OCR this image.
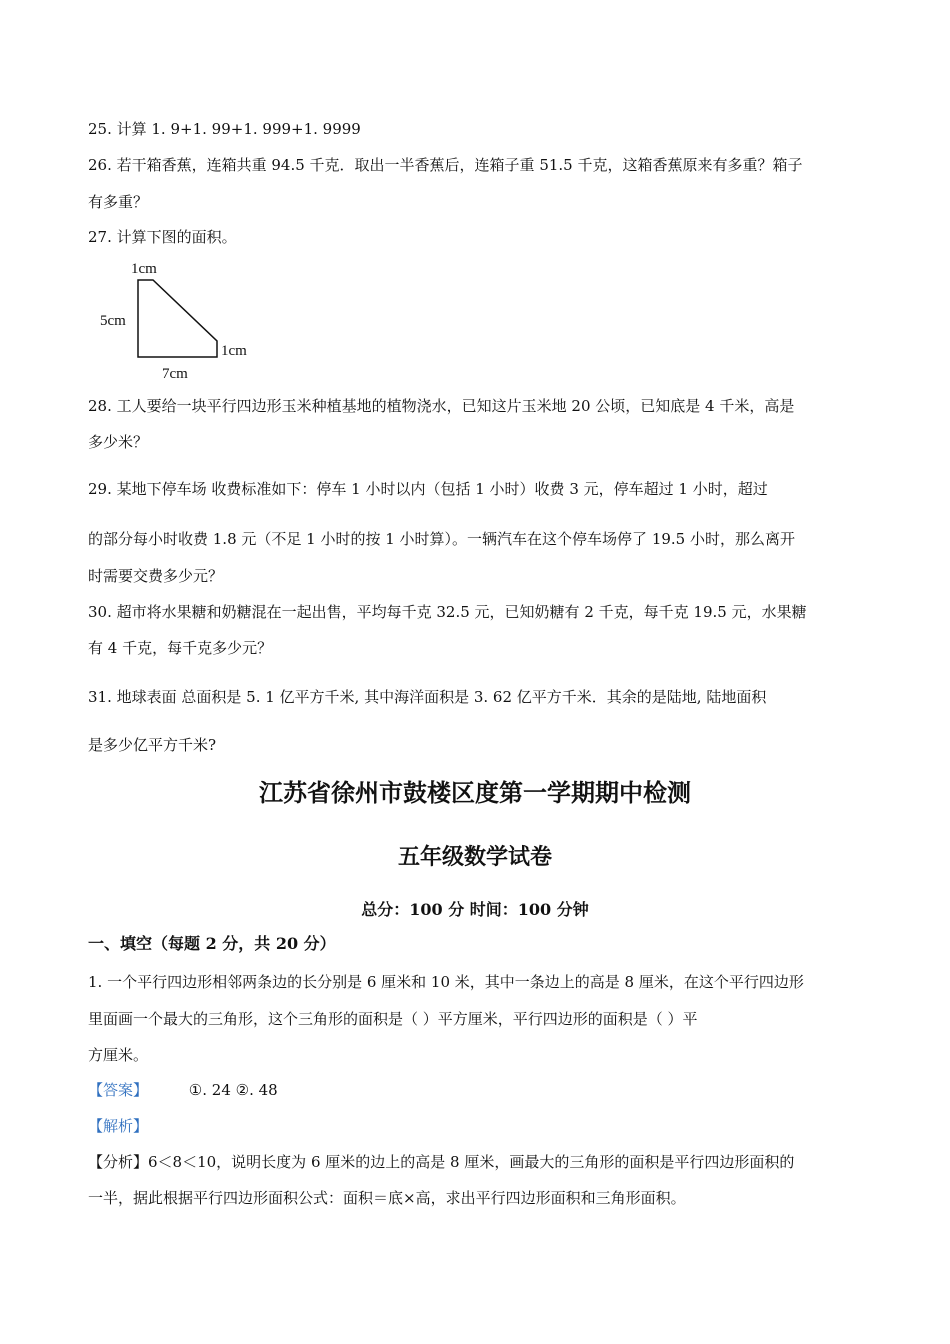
25. 计算 1. 9+1. 99+1. 999+1. 9999
26. 若干箱香蕉，连箱共重 94.5 千克．取出一半香蕉后，连箱子重 51.5 千克，这箱香蕉原来有多重？箱子
有多重？
27. 计算下图的面积。
1cm
5cm
1cm
7cm
28. 工人要给一块平行四边形玉米种植基地的植物浇水，已知这片玉米地 20 公顷，已知底是 4 千米，高是
多少米？
29. 某地下停车场 收费标准如下：停车 1 小时以内（包括 1 小时）收费 3 元，停车超过 1 小时，超过
的部分每小时收费 1.8 元（不足 1 小时的按 1 小时算）。一辆汽车在这个停车场停了 19.5 小时，那么离开
时需要交费多少元？
30. 超市将水果糖和奶糖混在一起出售，平均每千克 32.5 元，已知奶糖有 2 千克，每千克 19.5 元，水果糖
有 4 千克，每千克多少元？
31. 地球表面 总面积是 5. 1 亿平方千米, 其中海洋面积是 3. 62 亿平方千米．其余的是陆地, 陆地面积
是多少亿平方千米?
江苏省徐州市鼓楼区度第一学期期中检测
五年级数学试卷
总分：100 分 时间：100 分钟
一、填空（每题 2 分，共 20 分）
1. 一个平行四边形相邻两条边的长分别是 6 厘米和 10 米，其中一条边上的高是 8 厘米，在这个平行四边形
里面画一个最大的三角形，这个三角形的面积是（ ）平方厘米，平行四边形的面积是（ ）平
方厘米。
【答案】	①. 24 ②. 48
【解析】
【分析】6＜8＜10，说明长度为 6 厘米的边上的高是 8 厘米，画最大的三角形的面积是平行四边形面积的
一半，据此根据平行四边形面积公式：面积＝底×高，求出平行四边形面积和三角形面积。
